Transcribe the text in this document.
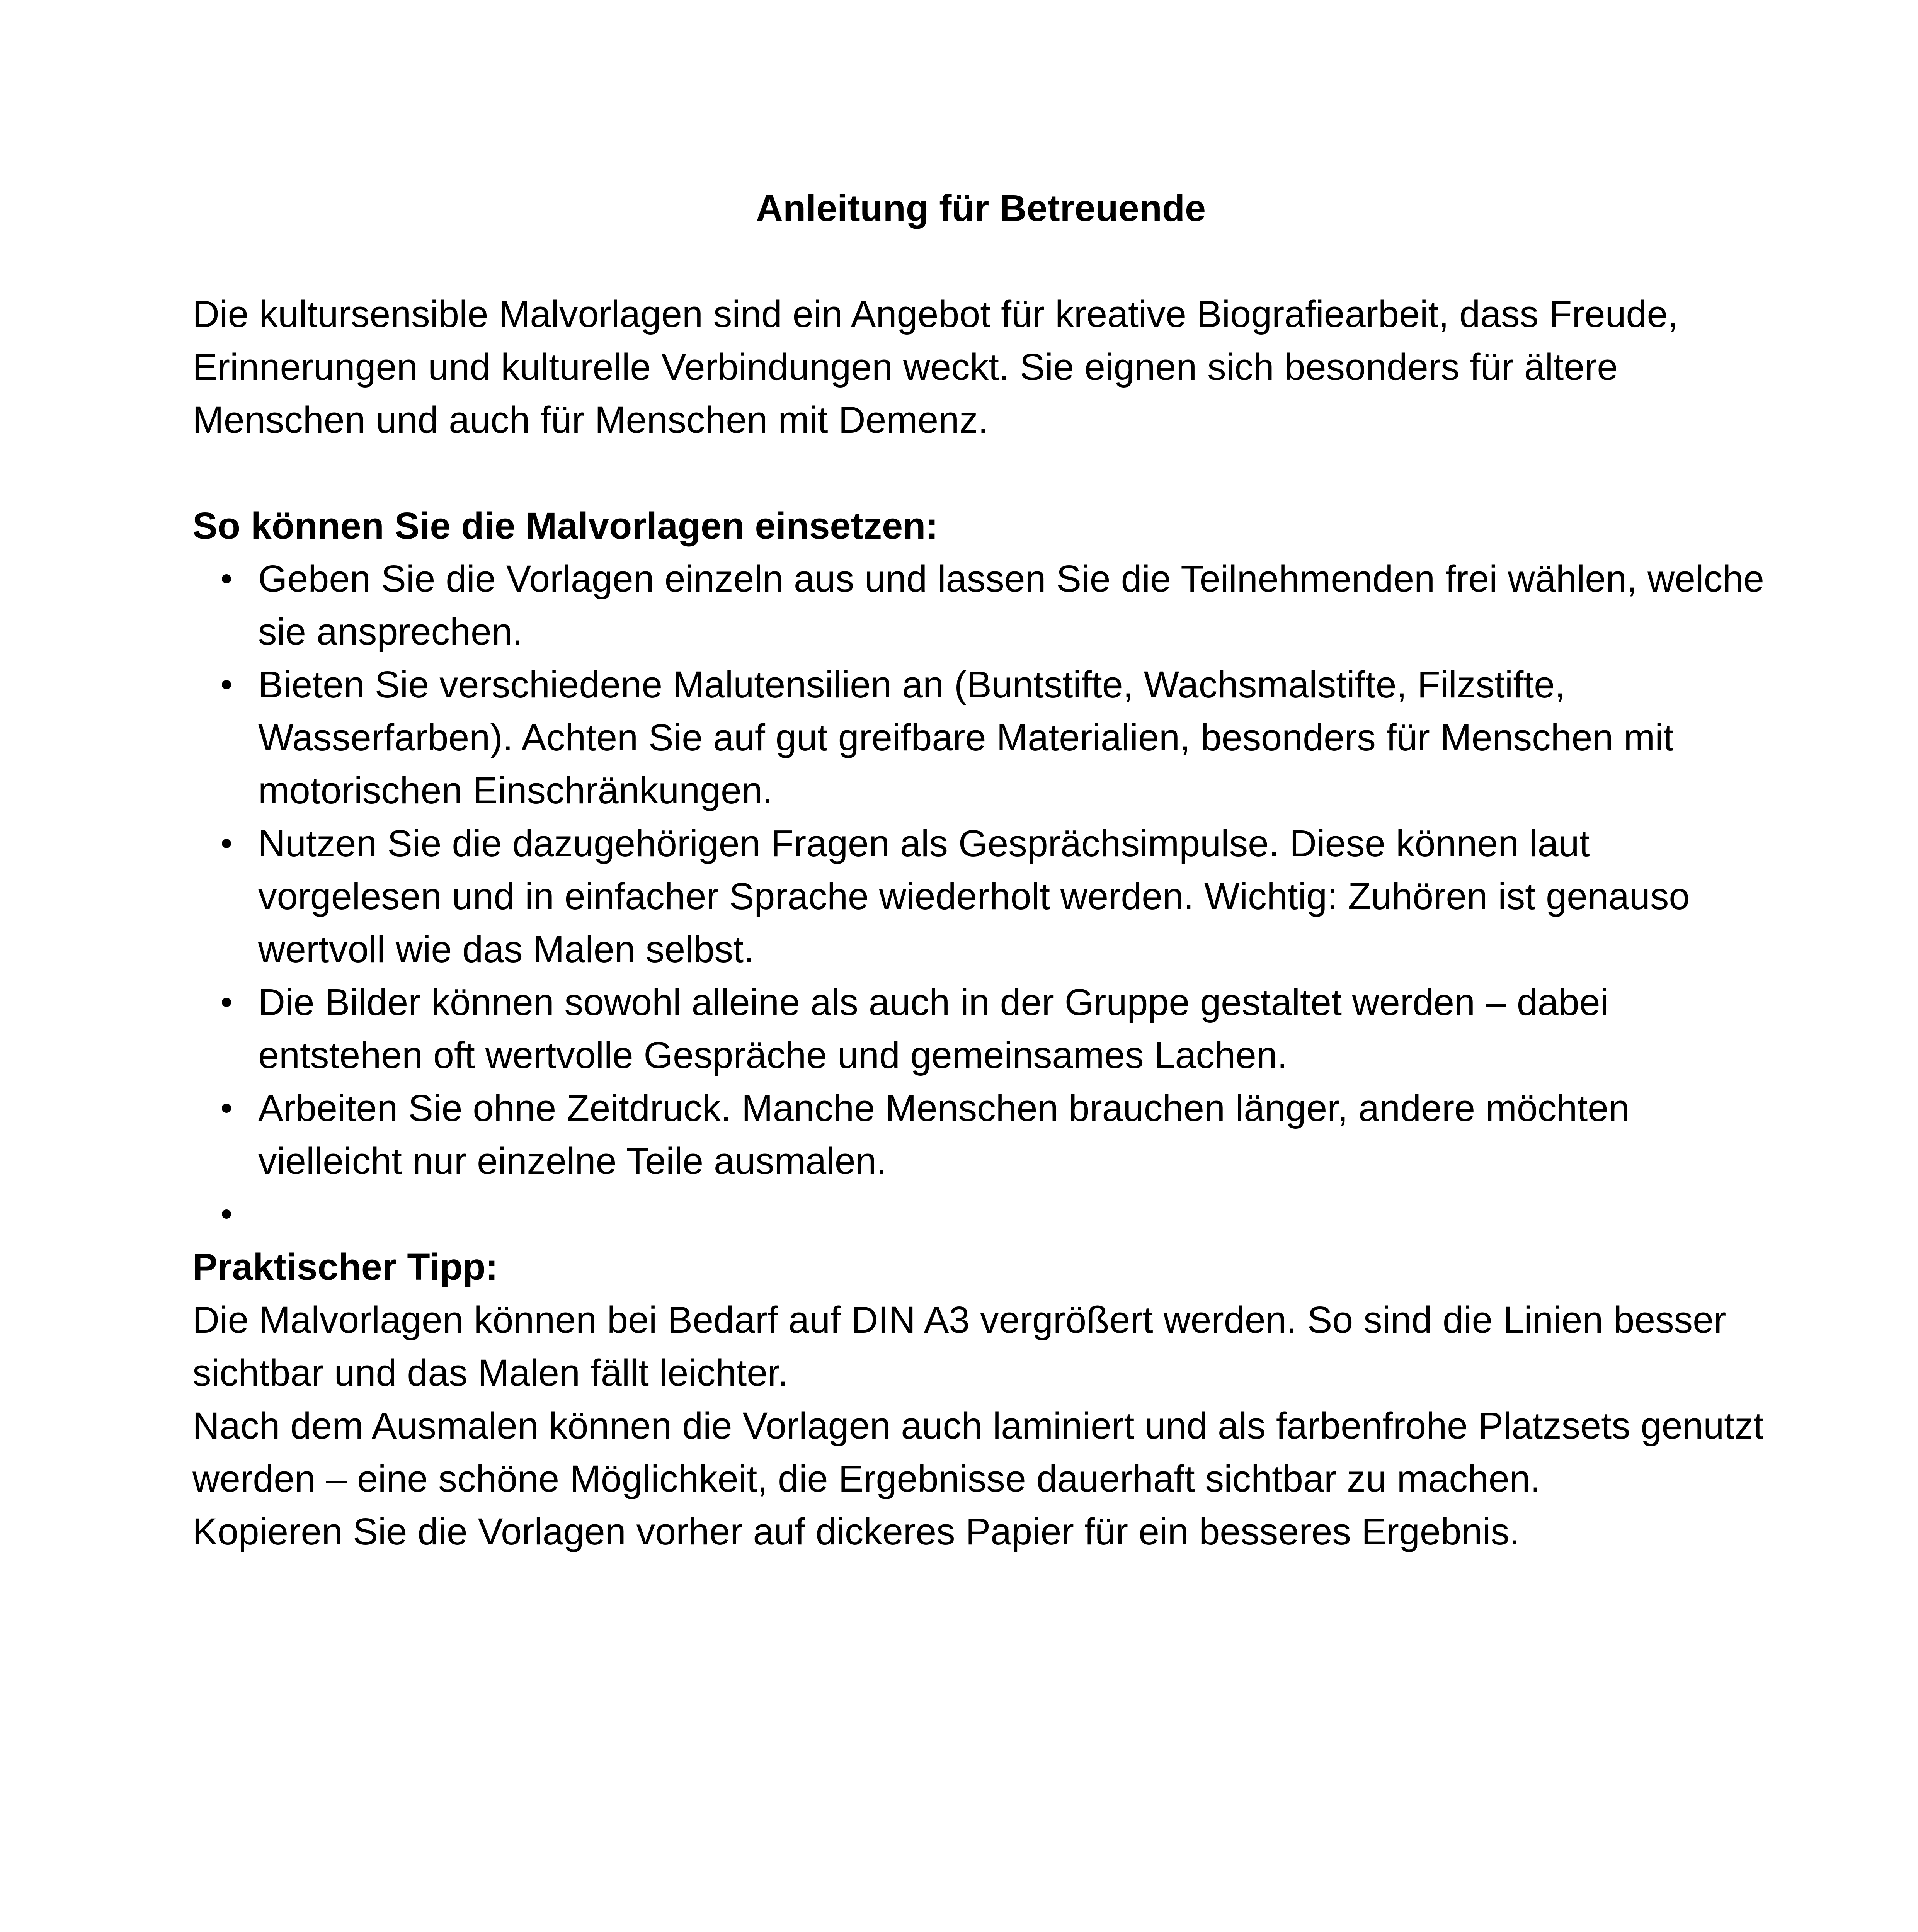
Anleitung für Betreuende

Die kultursensible Malvorlagen sind ein Angebot für kreative Biografiearbeit, dass Freude, Erinnerungen und kulturelle Verbindungen weckt. Sie eignen sich besonders für ältere Menschen und auch für Menschen mit Demenz.

So können Sie die Malvorlagen einsetzen:

Geben Sie die Vorlagen einzeln aus und lassen Sie die Teilnehmenden frei wählen, welche sie ansprechen.
Bieten Sie verschiedene Malutensilien an (Buntstifte, Wachsmalstifte, Filzstifte, Wasserfarben). Achten Sie auf gut greifbare Materialien, besonders für Menschen mit motorischen Einschränkungen.
Nutzen Sie die dazugehörigen Fragen als Gesprächsimpulse. Diese können laut vorgelesen und in einfacher Sprache wiederholt werden. Wichtig: Zuhören ist genauso wertvoll wie das Malen selbst.
Die Bilder können sowohl alleine als auch in der Gruppe gestaltet werden – dabei entstehen oft wertvolle Gespräche und gemeinsames Lachen.
Arbeiten Sie ohne Zeitdruck. Manche Menschen brauchen länger, andere möchten vielleicht nur einzelne Teile ausmalen.

Praktischer Tipp:

Die Malvorlagen können bei Bedarf auf DIN A3 vergrößert werden. So sind die Linien besser sichtbar und das Malen fällt leichter.

Nach dem Ausmalen können die Vorlagen auch laminiert und als farbenfrohe Platzsets genutzt werden – eine schöne Möglichkeit, die Ergebnisse dauerhaft sichtbar zu machen.

Kopieren Sie die Vorlagen vorher auf dickeres Papier für ein besseres Ergebnis.
